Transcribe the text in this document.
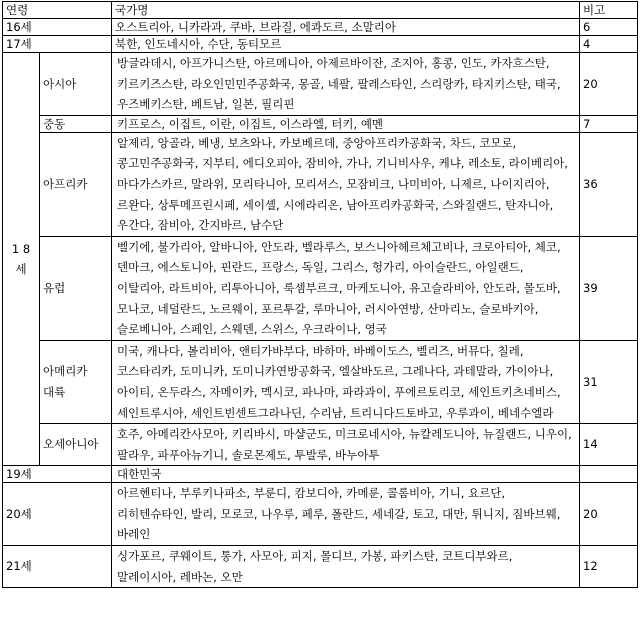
연령		국가명	비고
16세		오스트리아, 니카라과, 쿠바, 브라질, 에콰도르, 소말리아	6
17세		북한, 인도네시아, 수단, 동티모르	4

1 8
세	아시아	방글라데시, 아프가니스탄, 아르메니아, 아제르바이잔, 조지아, 홍콩, 인도, 카자흐스탄, 키르키즈스탄, 라오인민민주공화국, 몽골, 네팔, 팔레스타인, 스리랑카, 타지키스탄, 태국, 우즈베키스탄, 베트남, 일본, 필리핀	20
	중동	키프로스, 이집트, 이란, 이집트, 이스라엘, 터키, 예멘	7
	아프리카	알제리, 앙골라, 베냉, 보츠와나, 카보베르데, 중앙아프리카공화국, 차드, 코모로, 콩고민주공화국, 지부티, 에디오피아, 잠비아, 가나, 기니비사우, 케냐, 레소토, 라이베리아, 마다가스카르, 말라위, 모리타니아, 모리셔스, 모잠비크, 나미비아, 니제르, 나이지리아, 르완다, 상투메프린시페, 세이셸, 시에라리온, 남아프리카공화국, 스와질랜드, 탄자니아, 우간다, 잠비아, 간지바르, 남수단	36
	유럽	벨기에, 불가리아, 알바니아, 안도라, 벨라루스, 보스니아헤르체고비나, 크로아티아, 체코, 덴마크, 에스토니아, 핀란드, 프랑스, 독일, 그리스, 헝가리, 아이슬란드, 아일랜드, 이탈리아, 라트비아, 리투아니아, 룩셈부르크, 마케도니아, 유고슬라비아, 안도라, 몰도바, 모나코, 네덜란드, 노르웨이, 포르투갈, 루마니아, 러시아연방, 산마리노, 슬로바키아, 슬로베니아, 스페인, 스웨덴, 스위스, 우크라이나, 영국	39
	아메리카 대륙	미국, 캐나다, 볼리비아, 앤티가바부다, 바하마, 바베이도스, 벨리즈, 버뮤다, 칠레, 코스타리카, 도미니카, 도미니카연방공화국, 엘살바도르, 그레나다, 과테말라, 가이아나, 아이티, 온두라스, 자메이카, 멕시코, 파나마, 파라과이, 푸에르토리코, 세인트키츠네비스, 세인트루시아, 세인트빈센트그라나딘, 수리남, 트리니다드토바고, 우루과이, 베네수엘라	31
	오세아니아	호주, 아메리칸사모아, 키리바시, 마샬군도, 미크로네시아, 뉴칼레도니아, 뉴질랜드, 니우이, 팔라우, 파푸아뉴기니, 솔로몬제도, 투발루, 바누아투	14
19세		대한민국	
20세		아르헨티나, 부루키나파소, 부룬디, 캄보디아, 카메룬, 콜롬비아, 기니, 요르단, 리히텐슈타인, 발리, 모로코, 나우루, 페루, 폴란드, 세네갈, 토고, 대만, 튀니지, 짐바브웨, 바레인	20
21세		싱가포르, 쿠웨이트, 통가, 사모아, 피지, 몰디브, 가봉, 파키스탄, 코트디부와르, 말레이시아, 레바논, 오만	12
